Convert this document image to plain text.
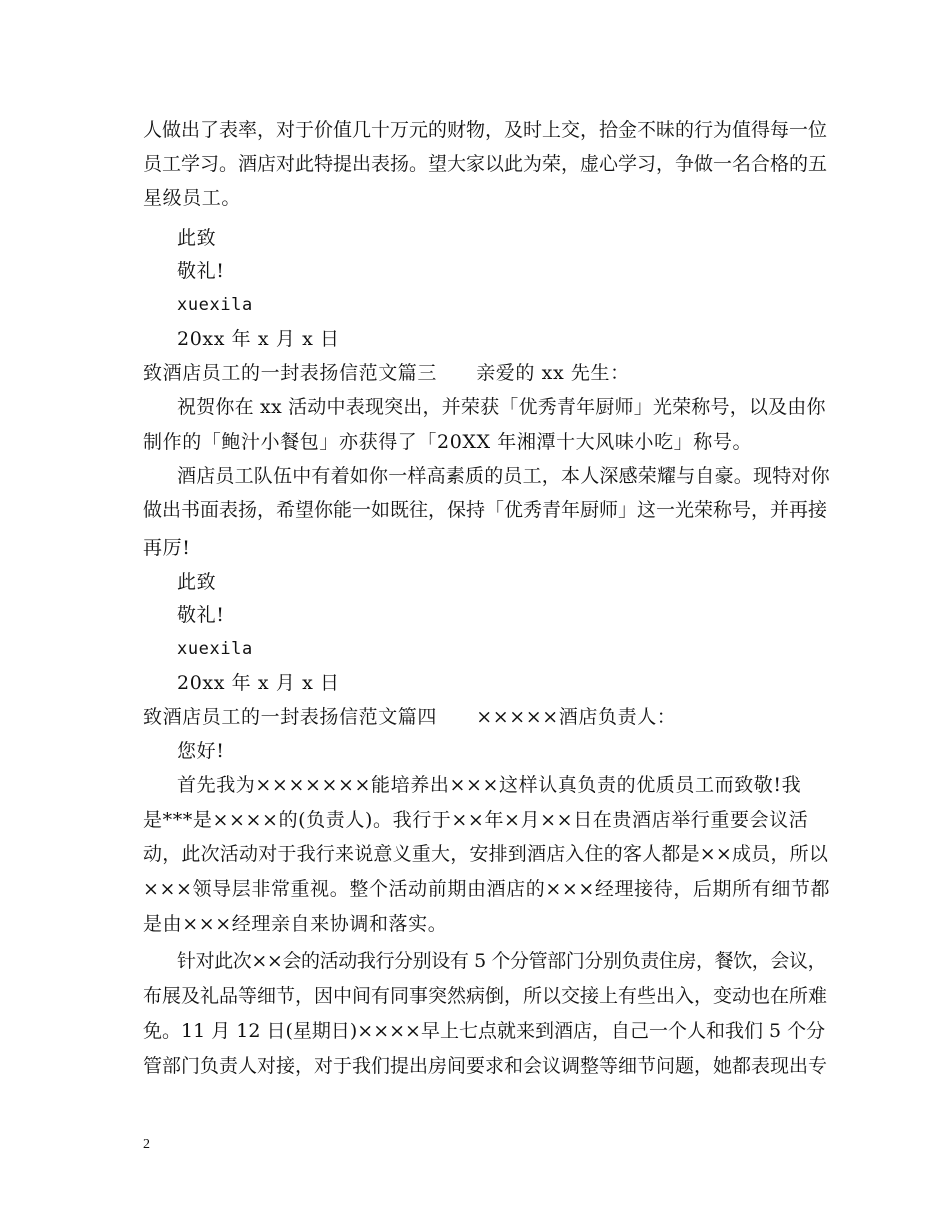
人做出了表率，对于价值几十万元的财物，及时上交，拾金不昧的行为值得每一位
员工学习。酒店对此特提出表扬。望大家以此为荣，虚心学习，争做一名合格的五
星级员工。
此致
敬礼!
xuexila
20xx 年 x 月 x 日
致酒店员工的一封表扬信范文篇三　　亲爱的 xx 先生：
祝贺你在 xx 活动中表现突出，并荣获「优秀青年厨师」光荣称号，以及由你
制作的「鲍汁小餐包」亦获得了「20XX 年湘潭十大风味小吃」称号。
酒店员工队伍中有着如你一样高素质的员工，本人深感荣耀与自豪。现特对你
做出书面表扬，希望你能一如既往，保持「优秀青年厨师」这一光荣称号，并再接
再厉!
此致
敬礼!
xuexila
20xx 年 x 月 x 日
致酒店员工的一封表扬信范文篇四　　×××××酒店负责人：
您好!
首先我为×××××××能培养出×××这样认真负责的优质员工而致敬!我
是***是××××的(负责人)。我行于××年×月××日在贵酒店举行重要会议活
动，此次活动对于我行来说意义重大，安排到酒店入住的客人都是××成员，所以
×××领导层非常重视。整个活动前期由酒店的×××经理接待，后期所有细节都
是由×××经理亲自来协调和落实。
针对此次××会的活动我行分别设有 5 个分管部门分别负责住房，餐饮，会议，
布展及礼品等细节，因中间有同事突然病倒，所以交接上有些出入，变动也在所难
免。11 月 12 日(星期日)××××早上七点就来到酒店，自己一个人和我们 5 个分
管部门负责人对接，对于我们提出房间要求和会议调整等细节问题，她都表现出专
2
